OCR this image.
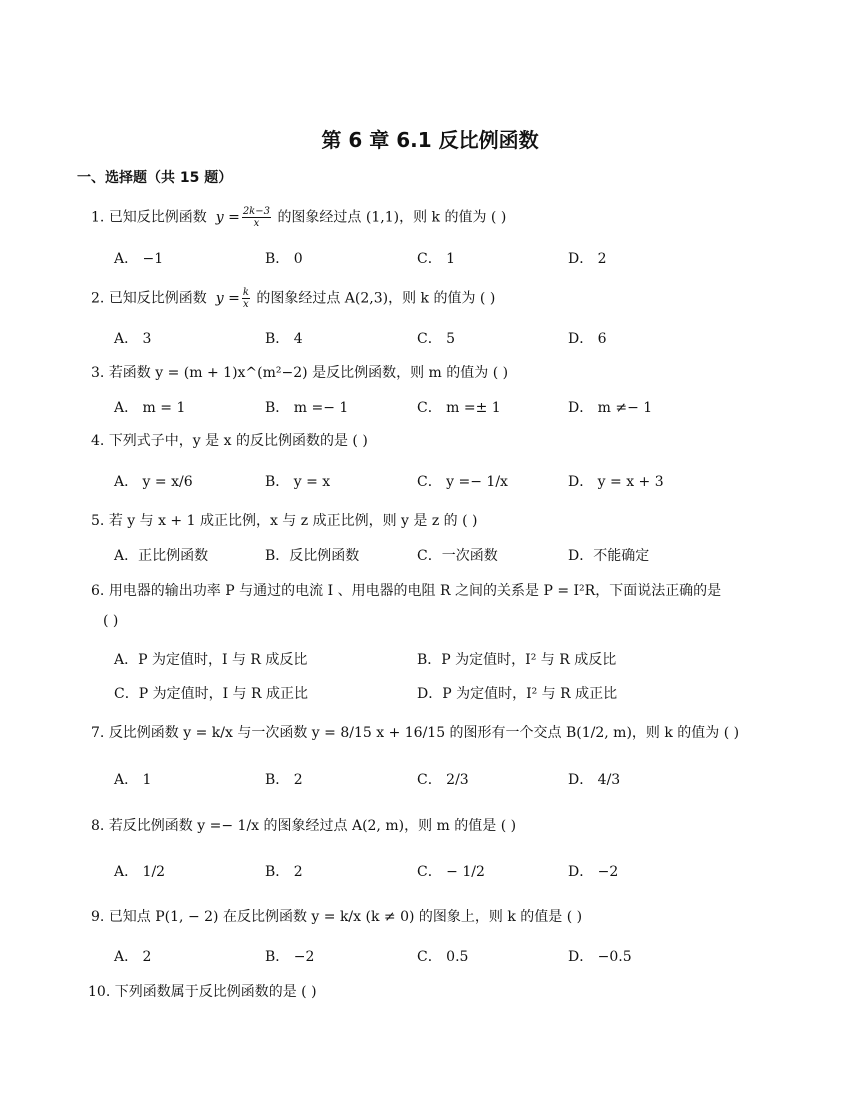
第 6 章 6.1 反比例函数
一、选择题（共 15 题）
1. 已知反比例函数  $y = \frac{2k-3}{x}$ 的图象经过点 (1,1)，则 k 的值为 ( )
A． −1	B． 0	C． 1	D． 2
2. 已知反比例函数  $y = \frac{k}{x}$ 的图象经过点 A(2,3)，则 k 的值为 ( )
A． 3	B． 4	C． 5	D． 6
3. 若函数 y = (m + 1)x^(m²−2) 是反比例函数，则 m 的值为 ( )
A． m = 1	B． m =− 1	C． m =± 1	D． m ≠− 1
4. 下列式子中，y 是 x 的反比例函数的是 ( )
A． y = x/6	B． y = x	C． y =− 1/x	D． y = x + 3
5. 若 y 与 x + 1 成正比例，x 与 z 成正比例，则 y 是 z 的 ( )
A．正比例函数	B．反比例函数	C．一次函数	D．不能确定
6. 用电器的输出功率 P 与通过的电流 I 、用电器的电阻 R 之间的关系是 P = I²R，下面说法正确的是
( )
A．P 为定值时，I 与 R 成反比	B．P 为定值时，I² 与 R 成反比
C．P 为定值时，I 与 R 成正比	D．P 为定值时，I² 与 R 成正比
7. 反比例函数 y = k/x 与一次函数 y = 8/15 x + 16/15 的图形有一个交点 B(1/2, m)，则 k 的值为 ( )
A． 1	B． 2	C． 2/3	D． 4/3
8. 若反比例函数 y =− 1/x 的图象经过点 A(2, m)，则 m 的值是 ( )
A． 1/2	B． 2	C． − 1/2	D． −2
9. 已知点 P(1, − 2) 在反比例函数 y = k/x (k ≠ 0) 的图象上，则 k 的值是 ( )
A． 2	B． −2	C． 0.5	D． −0.5
10. 下列函数属于反比例函数的是 ( )
